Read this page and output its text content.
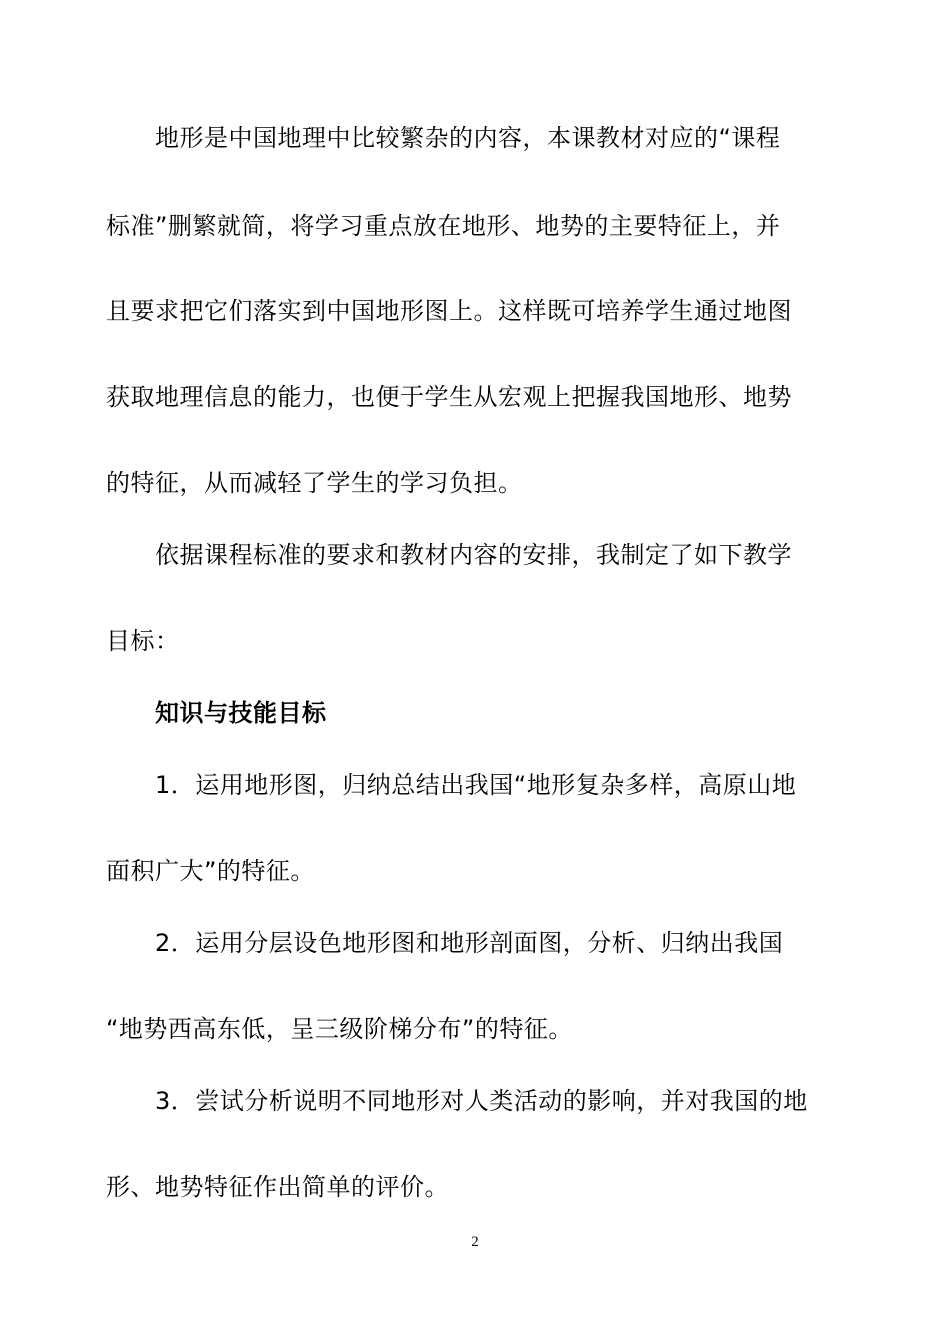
地形是中国地理中比较繁杂的内容，本课教材对应的“课程
标准”删繁就简，将学习重点放在地形、地势的主要特征上，并
且要求把它们落实到中国地形图上。这样既可培养学生通过地图
获取地理信息的能力，也便于学生从宏观上把握我国地形、地势
的特征，从而减轻了学生的学习负担。
依据课程标准的要求和教材内容的安排，我制定了如下教学
目标：
知识与技能目标
1．运用地形图，归纳总结出我国“地形复杂多样，高原山地
面积广大”的特征。
2．运用分层设色地形图和地形剖面图，分析、归纳出我国
“地势西高东低，呈三级阶梯分布”的特征。
3．尝试分析说明不同地形对人类活动的影响，并对我国的地
形、地势特征作出简单的评价。
2
